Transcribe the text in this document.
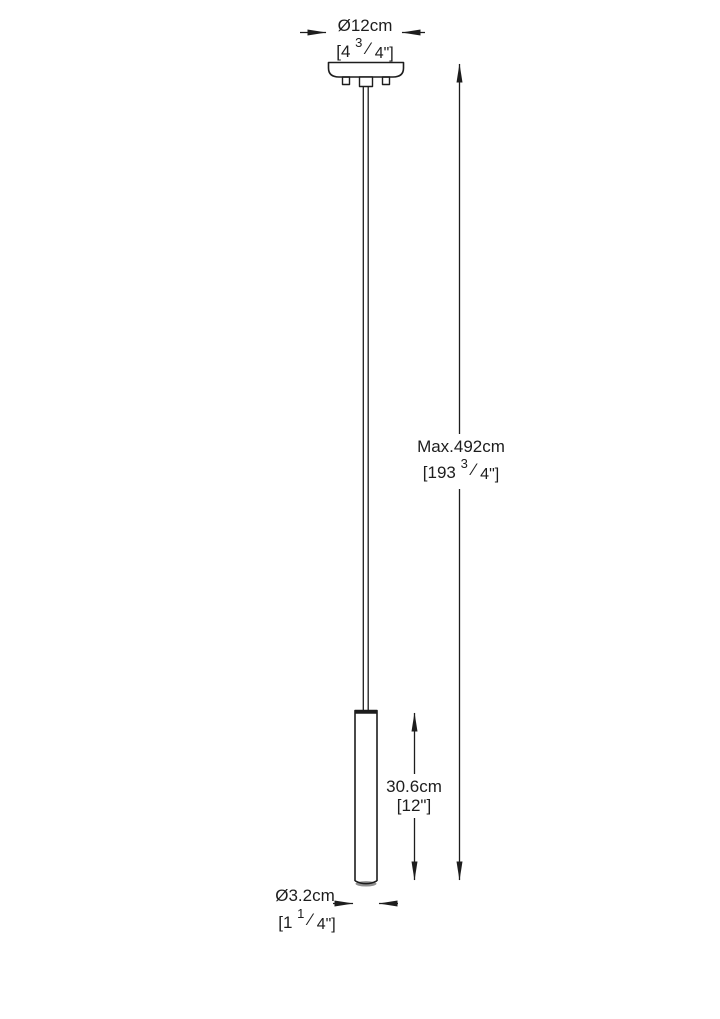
Ø12cm
[4 $^3$ ⁄ 4"]
Max.492cm
[193 $^3$ ⁄ 4"]
30.6cm
[12"]
Ø3.2cm
[1 $^1$ ⁄ 4"]
